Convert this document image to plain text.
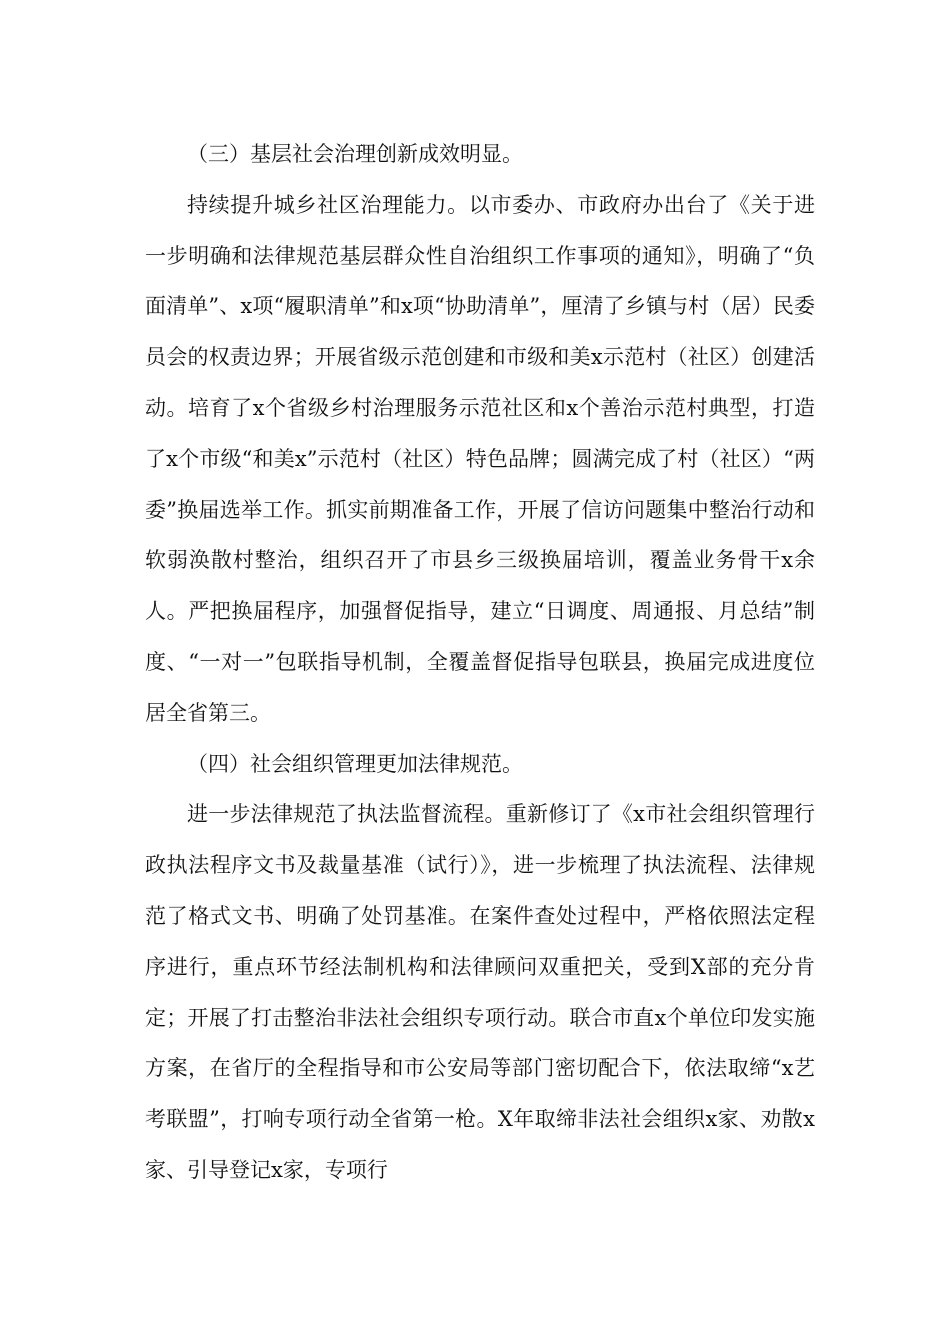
（三）基层社会治理创新成效明显。

持续提升城乡社区治理能力。以市委办、市政府办出台了《关于进一步明确和法律规范基层群众性自治组织工作事项的通知》，明确了“负面清单”、x项“履职清单”和x项“协助清单”，厘清了乡镇与村（居）民委员会的权责边界；开展省级示范创建和市级和美x示范村（社区）创建活动。培育了x个省级乡村治理服务示范社区和x个善治示范村典型，打造了x个市级“和美x”示范村（社区）特色品牌；圆满完成了村（社区）“两委”换届选举工作。抓实前期准备工作，开展了信访问题集中整治行动和软弱涣散村整治，组织召开了市县乡三级换届培训，覆盖业务骨干x余人。严把换届程序，加强督促指导，建立“日调度、周通报、月总结”制度、“一对一”包联指导机制，全覆盖督促指导包联县，换届完成进度位居全省第三。

（四）社会组织管理更加法律规范。

进一步法律规范了执法监督流程。重新修订了《x市社会组织管理行政执法程序文书及裁量基准（试行）》，进一步梳理了执法流程、法律规范了格式文书、明确了处罚基准。在案件查处过程中，严格依照法定程序进行，重点环节经法制机构和法律顾问双重把关，受到X部的充分肯定；开展了打击整治非法社会组织专项行动。联合市直x个单位印发实施方案，在省厅的全程指导和市公安局等部门密切配合下，依法取缔“x艺考联盟”，打响专项行动全省第一枪。X年取缔非法社会组织x家、劝散x家、引导登记x家，专项行
